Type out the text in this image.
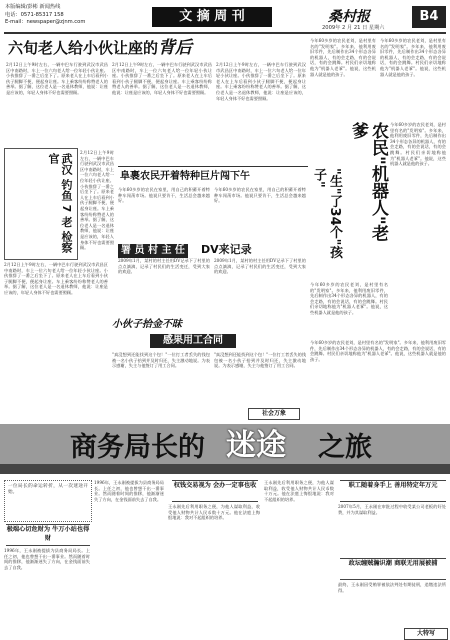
本版编辑/彭彬 新闻热线
电话：0571-85317 158
E-mail：newspaper@zjnm.com	文 摘 周 刊	桑村报
2009年 2 月 21 日 星期六
B4
六旬老人给小伙让座的背后
2月12日上午9时左右，一辆中巴车行驶到武汉市武昌区中南路时，车上一位六旬老人给一位年轻小伙让座。小伙推辞了一番之后坐下了。原来老人在上车后看到小伙子腿脚不便，便起身让座。车上乘客纷纷称赞老人的善举。据了解，这位老人是一名退休教师，他说：让座是应该的，年轻人身体不好也需要照顾。
2月12日上午9时左右，一辆中巴车行驶到武汉市武昌区中南路时，车上一位六旬老人给一位年轻小伙让座。小伙推辞了一番之后坐下了。原来老人在上车后看到小伙子腿脚不便，便起身让座。车上乘客纷纷称赞老人的善举。据了解，这位老人是一名退休教师，他说：让座是应该的，年轻人身体不好也需要照顾。
2月12日上午9时左右，一辆中巴车行驶到武汉市武昌区中南路时，车上一位六旬老人给一位年轻小伙让座。小伙推辞了一番之后坐下了。原来老人在上车后看到小伙子腿脚不便，便起身让座。车上乘客纷纷称赞老人的善举。据了解，这位老人是一名退休教师，他说：让座是应该的，年轻人身体不好也需要照顾。
武汉 钓鱼 7 老 检察官
2月12日上午9时左右，一辆中巴车行驶到武汉市武昌区中南路时，车上一位六旬老人给一位年轻小伙让座。小伙推辞了一番之后坐下了。原来老人在上车后看到小伙子腿脚不便，便起身让座。车上乘客纷纷称赞老人的善举。据了解，这位老人是一名退休教师，他说：让座是应该的，年轻人身体不好也需要照顾。
今年60多岁的农民老刘，是村里有名的"发明家"。多年来，他利用废旧零件，先后制作出34个形态各异的机器人，有的会走路，有的会说话，有的会跳舞。村民们亲切地称他为"机器人老爹"。他说，这些机器人就是他的孩子。
今年60多岁的农民老刘，是村里有名的"发明家"。多年来，他利用废旧零件，先后制作出34个形态各异的机器人，有的会走路，有的会说话，有的会跳舞。村民们亲切地称他为"机器人老爹"。他说，这些机器人就是他的孩子。
农民"机器人"老爹
"生"了34个"孩子"
今年60多岁的农民老刘，是村里有名的"发明家"。多年来，他利用废旧零件，先后制作出34个形态各异的机器人，有的会走路，有的会说话，有的会跳舞。村民们亲切地称他为"机器人老爹"。他说，这些机器人就是他的孩子。
今年60多岁的农民老刘，是村里有名的"发明家"。多年来，他利用废旧零件，先后制作出34个形态各异的机器人，有的会走路，有的会说话，有的会跳舞。村民们亲切地称他为"机器人老爹"。他说，这些机器人就是他的孩子。
阜裹农民开着特种巨片闯下午
今年60多岁的农民在家里，用自己的积蓄开着特种车闯荡市场。他说只要肯干，生活总会越来越好。
今年60多岁的农民在家里，用自己的积蓄开着特种车闯荡市场。他说只要肯干，生活总会越来越好。
署 员 村 主 任 DV来记录
2009年1月，某村的村主任用DV记录下了村里的点点滴滴，记录了村民们的生活变迁，受到大家的欢迎。
2009年1月，某村的村主任用DV记录下了村里的点点滴滴，记录了村民们的生活变迁，受到大家的欢迎。
小伙子拾金不昧
感果用工合同
"真没想到还能找到这个包！"一位打工者丢失的钱包被一名小伙子拾到并及时归还，失主激动地说。为表示感谢，失主与他签订了用工合同。
"真没想到还能找到这个包！"一位打工者丢失的钱包被一名小伙子拾到并及时归还，失主激动地说。为表示感谢，失主与他签订了用工合同。
2月12日上午9时左右，一辆中巴车行驶到武汉市武昌区中南路时，车上一位六旬老人给一位年轻小伙让座。小伙推辞了一番之后坐下了。原来老人在上车后看到小伙子腿脚不便，便起身让座。车上乘客纷纷称赞老人的善举。据了解，这位老人是一名退休教师，他说：让座是应该的，年轻人身体不好也需要照顾。
社会万象
今年60多岁的农民老刘，是村里有名的"发明家"。多年来，他利用废旧零件，先后制作出34个形态各异的机器人，有的会走路，有的会说话，有的会跳舞。村民们亲切地称他为"机器人老爹"。他说，这些机器人就是他的孩子。
商务局长的 迷途	之旅
一位局长的命运转折，从一次迷途开始。
1996年，王永刚被提拔为县商务局局长。上任之初，他也曾想干出一番事业。然而随着时间的推移，他渐渐迷失了方向，在金钱面前失去了自我。
极端心切危财为 牛万小站也得财
1996年，王永刚被提拔为县商务局局长。上任之初，他也曾想干出一番事业。然而随着时间的推移，他渐渐迷失了方向，在金钱面前失去了自我。
权钱交易视为 会办一定事也收
王永刚先后利用职务之便，为他人谋取利益，收受他人财物共计人民币数十万元。他在法庭上悔恨地说：我对不起组织的培养。
王永刚先后利用职务之便，为他人谋取利益，收受他人财物共计人民币数十万元。他在法庭上悔恨地说：我对不起组织的培养。
职工随着身手上 善用特定年万元
2007年5月，王永刚在审批过程中收受某公司老板的好处费，并为其谋取利益。
政坛缠贼瀚识潮 商联无用展被捕
最终，王永刚因受贿罪被依法判处有期徒刑，追缴违法所得。
大特写
